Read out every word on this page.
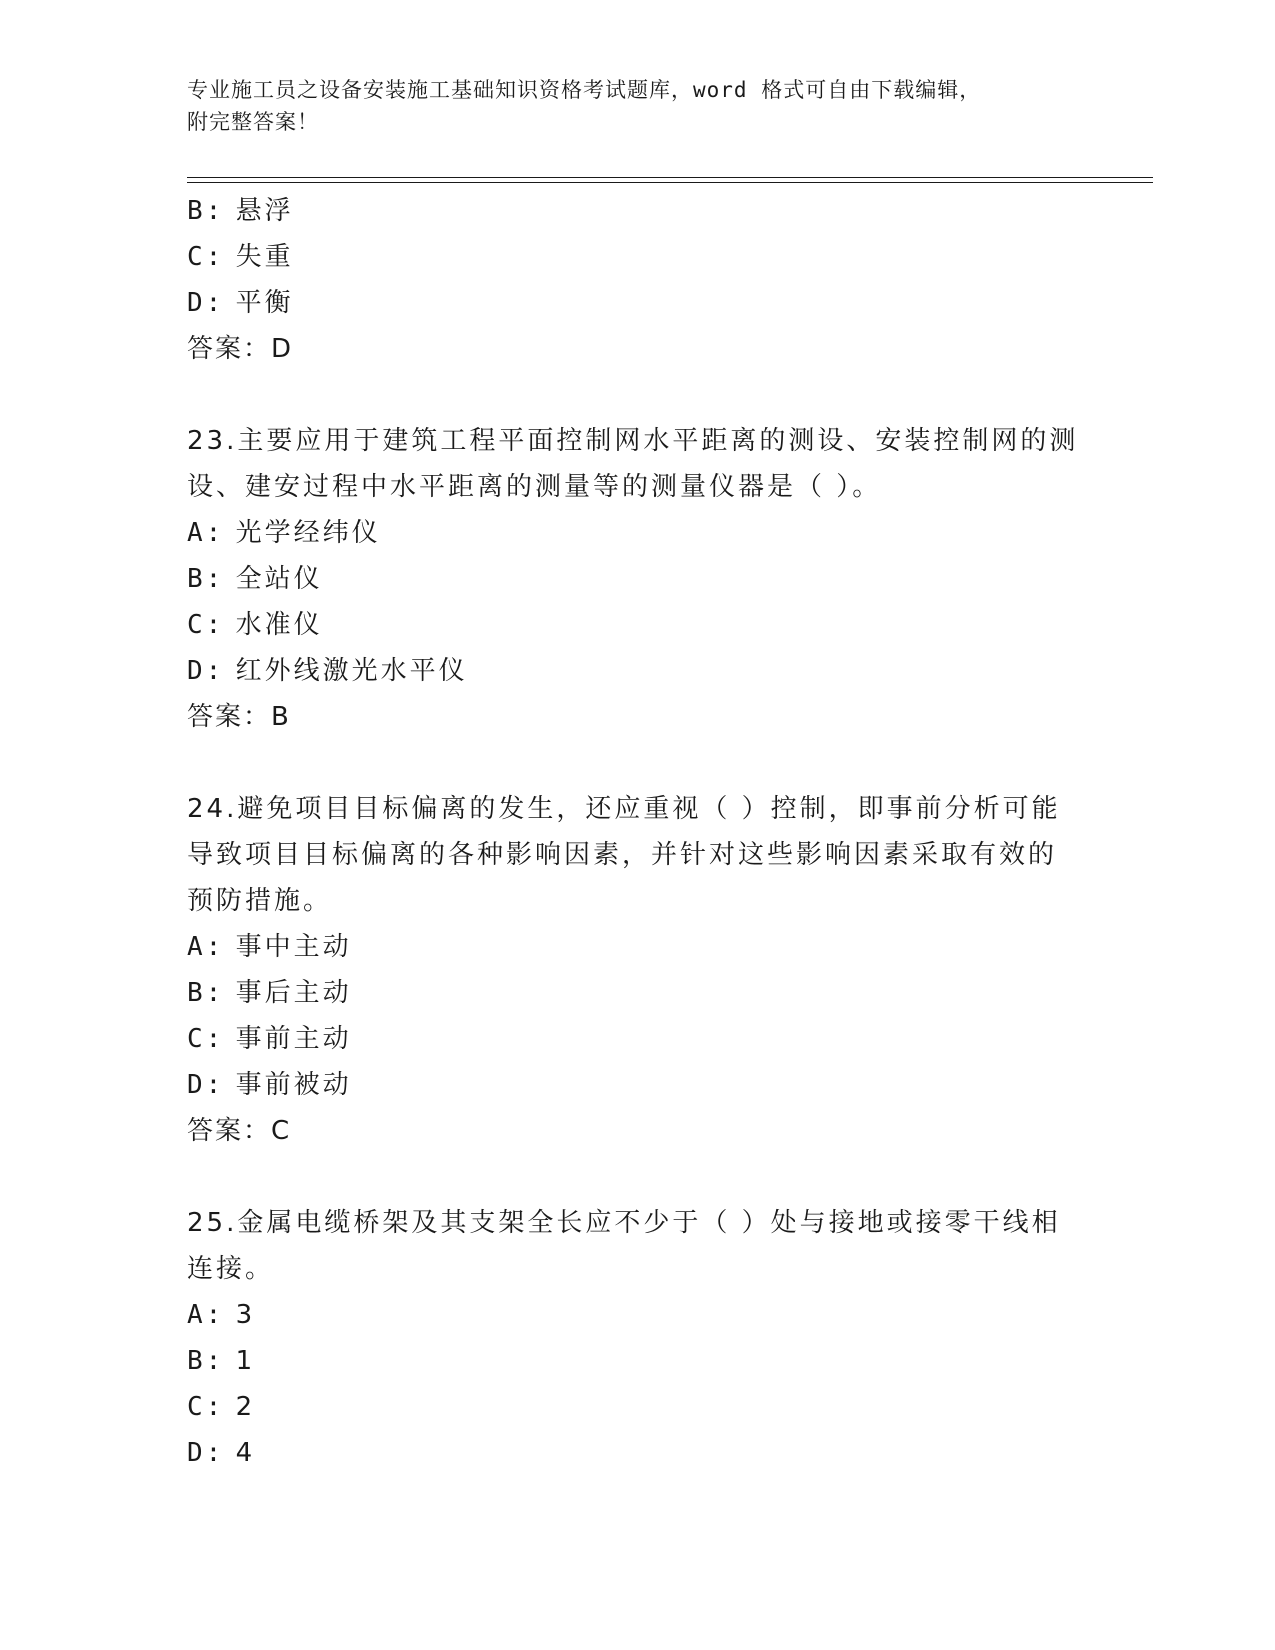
专业施工员之设备安装施工基础知识资格考试题库，word 格式可自由下载编辑，
附完整答案！
B: 悬浮
C: 失重
D: 平衡
答案：D
23.主要应用于建筑工程平面控制网水平距离的测设、安装控制网的测
设、建安过程中水平距离的测量等的测量仪器是（ ）。
A: 光学经纬仪
B: 全站仪
C: 水准仪
D: 红外线激光水平仪
答案：B
24.避免项目目标偏离的发生，还应重视（ ）控制，即事前分析可能
导致项目目标偏离的各种影响因素，并针对这些影响因素采取有效的
预防措施。
A: 事中主动
B: 事后主动
C: 事前主动
D: 事前被动
答案：C
25.金属电缆桥架及其支架全长应不少于（ ）处与接地或接零干线相
连接。
A: 3
B: 1
C: 2
D: 4
